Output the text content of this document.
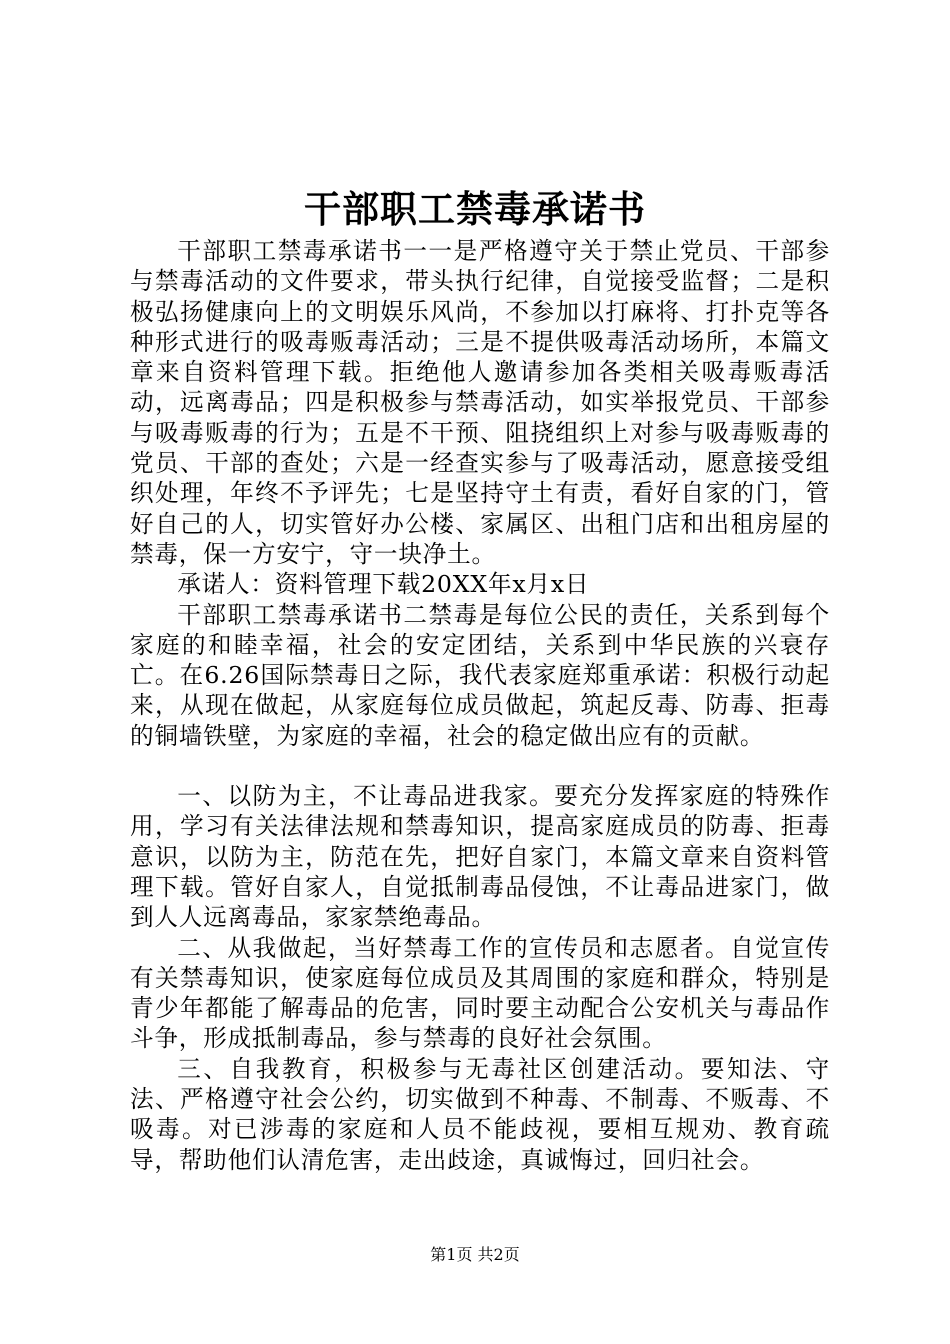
干部职工禁毒承诺书

干部职工禁毒承诺书一一是严格遵守关于禁止党员、干部参与禁毒活动的文件要求，带头执行纪律，自觉接受监督；二是积极弘扬健康向上的文明娱乐风尚，不参加以打麻将、打扑克等各种形式进行的吸毒贩毒活动；三是不提供吸毒活动场所，本篇文章来自资料管理下载。拒绝他人邀请参加各类相关吸毒贩毒活动，远离毒品；四是积极参与禁毒活动，如实举报党员、干部参与吸毒贩毒的行为；五是不干预、阻挠组织上对参与吸毒贩毒的党员、干部的查处；六是一经查实参与了吸毒活动，愿意接受组织处理，年终不予评先；七是坚持守土有责，看好自家的门，管好自己的人，切实管好办公楼、家属区、出租门店和出租房屋的禁毒，保一方安宁，守一块净土。

承诺人：资料管理下载20XX年x月x日

干部职工禁毒承诺书二禁毒是每位公民的责任，关系到每个家庭的和睦幸福，社会的安定团结，关系到中华民族的兴衰存亡。在6.26国际禁毒日之际，我代表家庭郑重承诺：积极行动起来，从现在做起，从家庭每位成员做起，筑起反毒、防毒、拒毒的铜墙铁壁，为家庭的幸福，社会的稳定做出应有的贡献。

一、以防为主，不让毒品进我家。要充分发挥家庭的特殊作用，学习有关法律法规和禁毒知识，提高家庭成员的防毒、拒毒意识，以防为主，防范在先，把好自家门，本篇文章来自资料管理下载。管好自家人，自觉抵制毒品侵蚀，不让毒品进家门，做到人人远离毒品，家家禁绝毒品。

二、从我做起，当好禁毒工作的宣传员和志愿者。自觉宣传有关禁毒知识，使家庭每位成员及其周围的家庭和群众，特别是青少年都能了解毒品的危害，同时要主动配合公安机关与毒品作斗争，形成抵制毒品，参与禁毒的良好社会氛围。

三、自我教育，积极参与无毒社区创建活动。要知法、守法、严格遵守社会公约，切实做到不种毒、不制毒、不贩毒、不吸毒。对已涉毒的家庭和人员不能歧视，要相互规劝、教育疏导，帮助他们认清危害，走出歧途，真诚悔过，回归社会。

第1页 共2页
